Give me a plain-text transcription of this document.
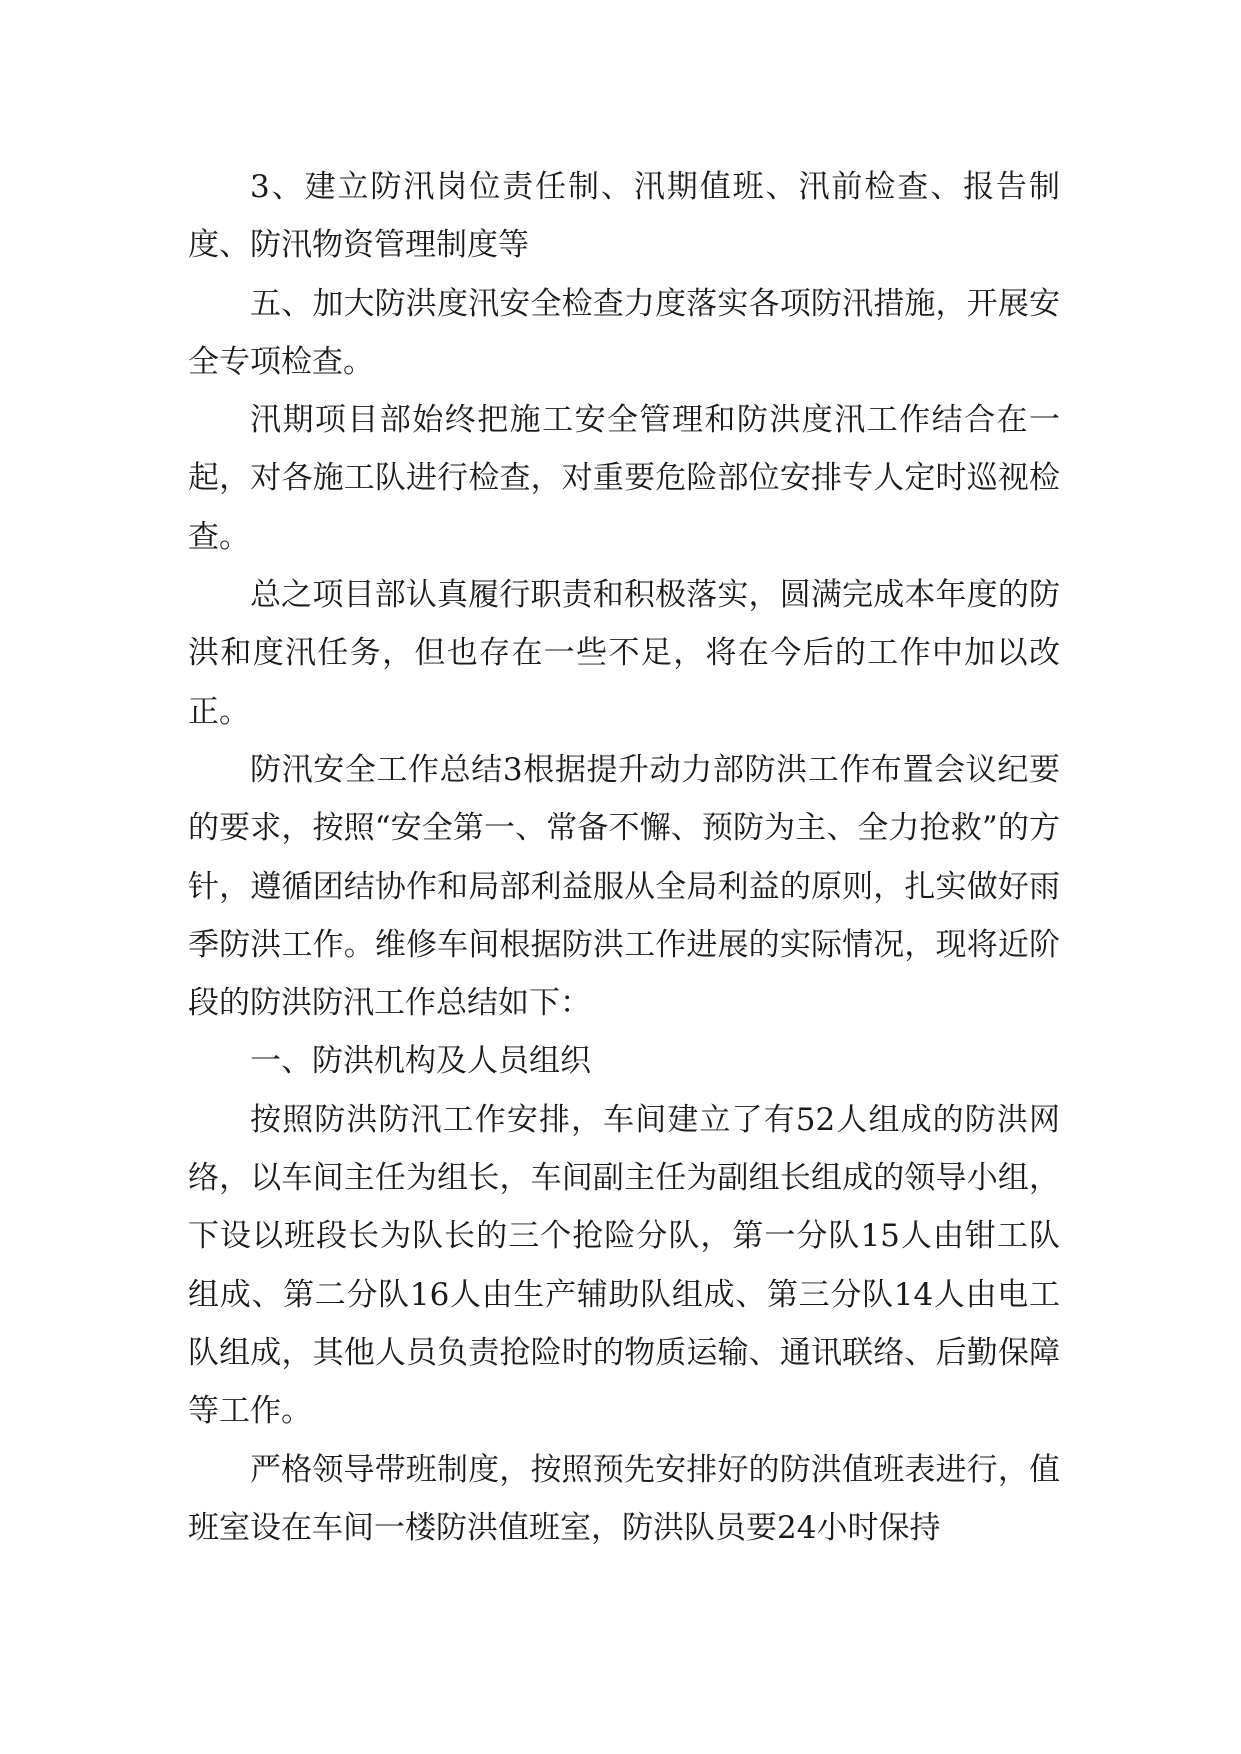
3、建立防汛岗位责任制、汛期值班、汛前检查、报告制度、防汛物资管理制度等

五、加大防洪度汛安全检查力度落实各项防汛措施，开展安全专项检查。

汛期项目部始终把施工安全管理和防洪度汛工作结合在一起，对各施工队进行检查，对重要危险部位安排专人定时巡视检查。

总之项目部认真履行职责和积极落实，圆满完成本年度的防洪和度汛任务，但也存在一些不足，将在今后的工作中加以改正。

防汛安全工作总结3根据提升动力部防洪工作布置会议纪要的要求，按照“安全第一、常备不懈、预防为主、全力抢救”的方针，遵循团结协作和局部利益服从全局利益的原则，扎实做好雨季防洪工作。维修车间根据防洪工作进展的实际情况，现将近阶段的防洪防汛工作总结如下：

一、防洪机构及人员组织

按照防洪防汛工作安排，车间建立了有52人组成的防洪网络，以车间主任为组长，车间副主任为副组长组成的领导小组，下设以班段长为队长的三个抢险分队，第一分队15人由钳工队组成、第二分队16人由生产辅助队组成、第三分队14人由电工队组成，其他人员负责抢险时的物质运输、通讯联络、后勤保障等工作。

严格领导带班制度，按照预先安排好的防洪值班表进行，值班室设在车间一楼防洪值班室，防洪队员要24小时保持
